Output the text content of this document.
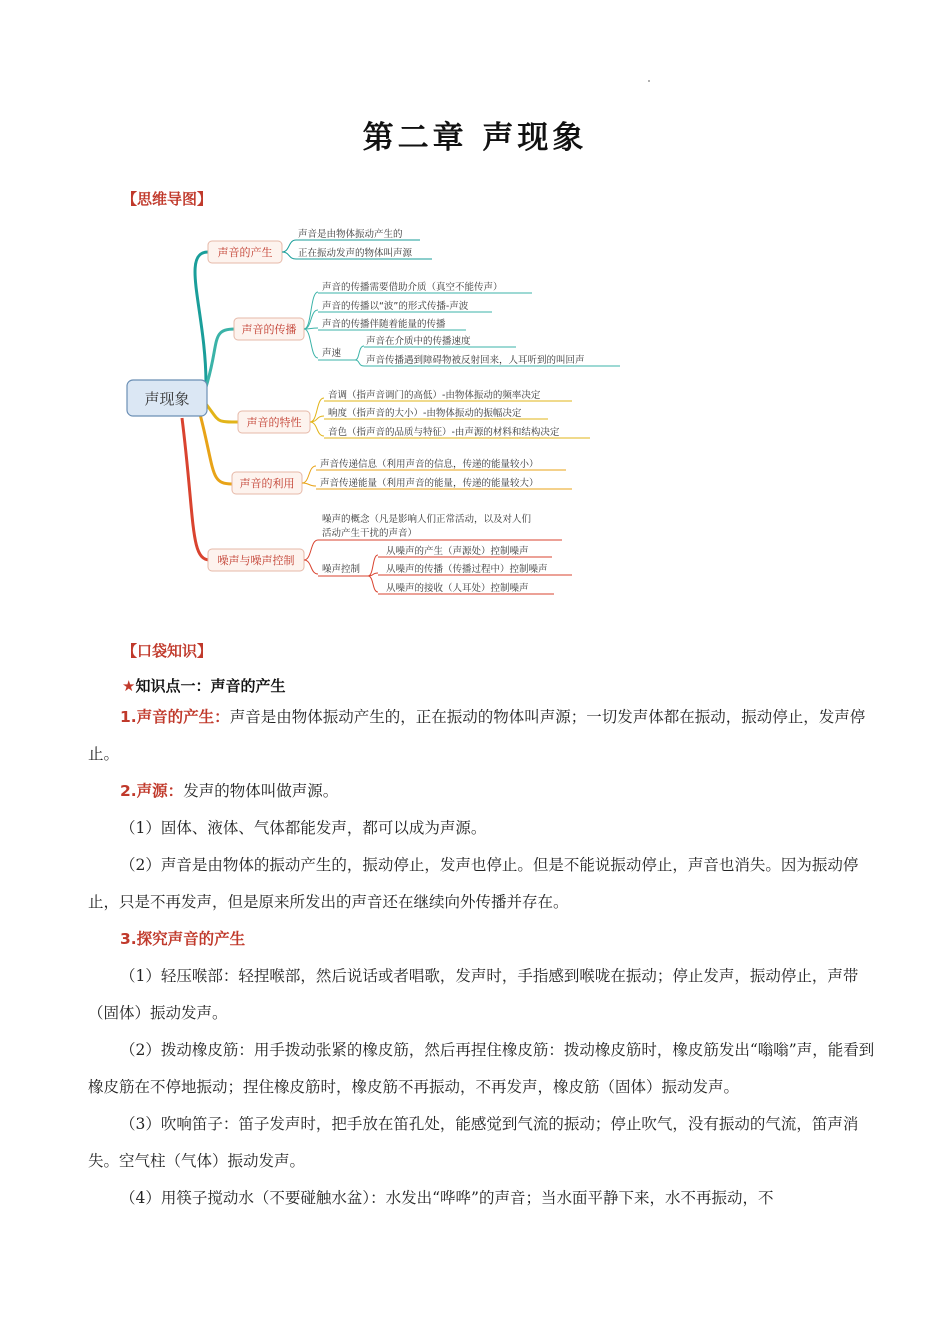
第二章 声现象
【思维导图】
声现象
声音的产生
声音是由物体振动产生的
正在振动发声的物体叫声源
声音的传播
声音的传播需要借助介质（真空不能传声）
声音的传播以“波”的形式传播-声波
声音的传播伴随着能量的传播
声速
声音在介质中的传播速度
声音传播遇到障碍物被反射回来，人耳听到的叫回声
声音的特性
音调（指声音调门的高低）-由物体振动的频率决定
响度（指声音的大小）-由物体振动的振幅决定
音色（指声音的品质与特征）-由声源的材料和结构决定
声音的利用
声音传递信息（利用声音的信息，传递的能量较小）
声音传递能量（利用声音的能量，传递的能量较大）
噪声与噪声控制
噪声的概念（凡是影响人们正常活动，以及对人们
活动产生干扰的声音）
噪声控制
从噪声的产生（声源处）控制噪声
从噪声的传播（传播过程中）控制噪声
从噪声的接收（人耳处）控制噪声
【口袋知识】
★知识点一：声音的产生

1.声音的产生：声音是由物体振动产生的，正在振动的物体叫声源；一切发声体都在振动，振动停止，发声停止。

2.声源：发声的物体叫做声源。

（1）固体、液体、气体都能发声，都可以成为声源。

（2）声音是由物体的振动产生的，振动停止，发声也停止。但是不能说振动停止，声音也消失。因为振动停止，只是不再发声，但是原来所发出的声音还在继续向外传播并存在。

3.探究声音的产生

（1）轻压喉部：轻捏喉部，然后说话或者唱歌，发声时，手指感到喉咙在振动；停止发声，振动停止，声带（固体）振动发声。

（2）拨动橡皮筋：用手拨动张紧的橡皮筋，然后再捏住橡皮筋：拨动橡皮筋时，橡皮筋发出“嗡嗡”声，能看到橡皮筋在不停地振动；捏住橡皮筋时，橡皮筋不再振动，不再发声，橡皮筋（固体）振动发声。

（3）吹响笛子：笛子发声时，把手放在笛孔处，能感觉到气流的振动；停止吹气，没有振动的气流，笛声消失。空气柱（气体）振动发声。

（4）用筷子搅动水（不要碰触水盆）：水发出“哗哗”的声音；当水面平静下来，水不再振动，不
